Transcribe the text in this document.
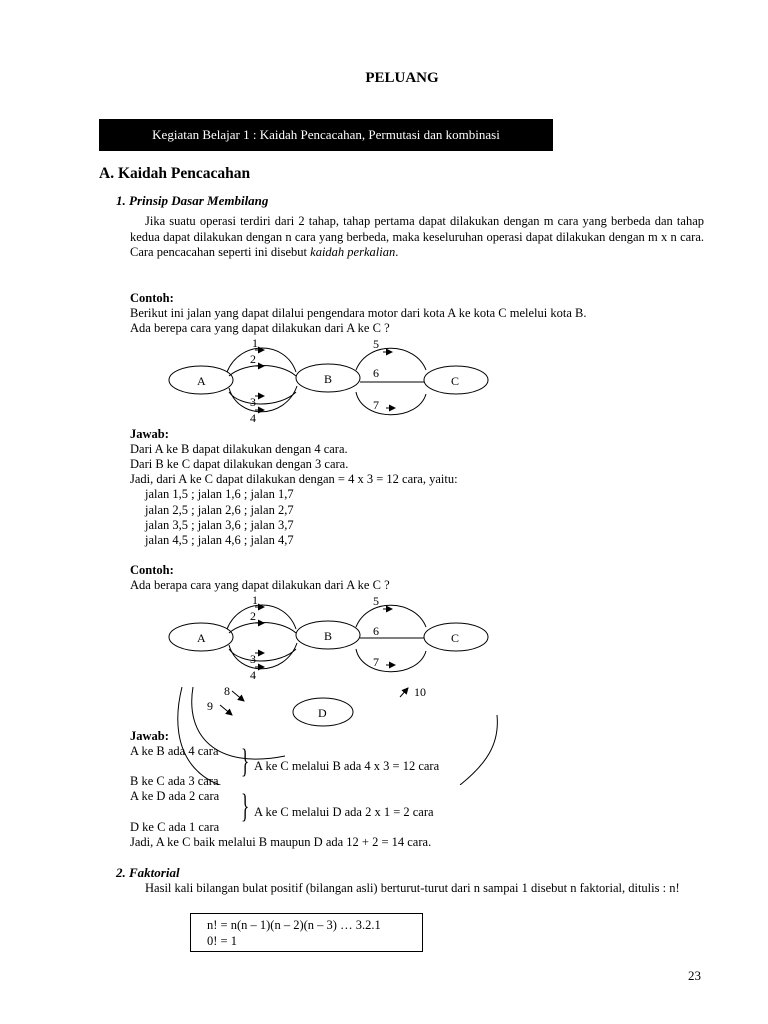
PELUANG
Kegiatan Belajar 1 : Kaidah Pencacahan, Permutasi dan kombinasi
A. Kaidah Pencacahan
1. Prinsip Dasar Membilang
Jika suatu operasi terdiri dari 2 tahap, tahap pertama dapat dilakukan dengan m cara yang berbeda dan tahap kedua dapat dilakukan dengan n cara yang berbeda, maka keseluruhan operasi dapat dilakukan dengan m x n cara. Cara pencacahan seperti ini disebut kaidah perkalian.
Contoh:
Berikut ini jalan yang dapat dilalui pengendara motor dari kota A ke kota C melelui kota B.
Ada berepa cara yang dapat dilakukan dari A ke C ?
A	B	C
1
2
3
4
5
6
7
Jawab:
Dari A ke B dapat dilakukan dengan 4 cara.
Dari B ke C dapat dilakukan dengan 3 cara.
Jadi, dari A ke C dapat dilakukan dengan = 4 x 3 = 12 cara, yaitu:
jalan 1,5 ; jalan 1,6 ; jalan 1,7
jalan 2,5 ; jalan 2,6 ; jalan 2,7
jalan 3,5 ; jalan 3,6 ; jalan 3,7
jalan 4,5 ; jalan 4,6 ; jalan 4,7
Contoh:
Ada berapa cara yang dapat dilakukan dari A ke C ?
A	B	C
D
1
2
3
4
5
6
7
8
9
10
Jawab:
A ke B ada 4 cara } A ke C melalui B ada 4 x 3 = 12 cara
B ke C ada 3 cara
A ke D ada 2 cara } A ke C melalui D ada 2 x 1 = 2 cara
D ke C ada 1 cara
Jadi, A ke C baik melalui B maupun D ada 12 + 2 = 14 cara.
2. Faktorial
Hasil kali bilangan bulat positif (bilangan asli) berturut-turut dari n sampai 1 disebut n faktorial, ditulis : n!
n! = n(n – 1)(n – 2)(n – 3) … 3.2.1
0! = 1
23
